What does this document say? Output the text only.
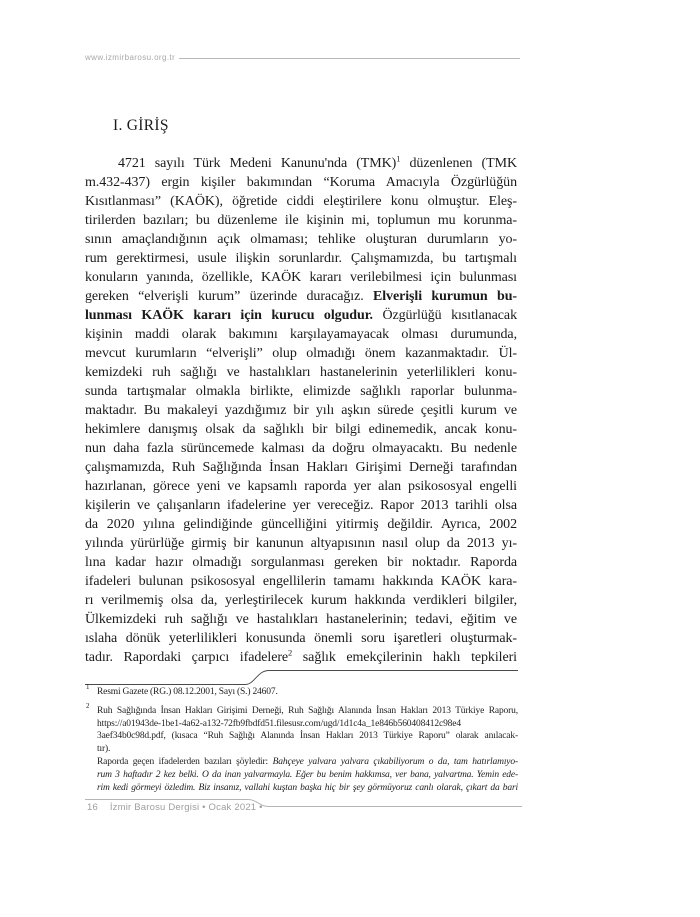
www.izmirbarosu.org.tr
I. GİRİŞ
4721 sayılı Türk Medeni Kanunu'nda (TMK)$^1$ düzenlenen (TMK
m.432-437) ergin kişiler bakımından “Koruma Amacıyla Özgürlüğün
Kısıtlanması” (KAÖK), öğretide ciddi eleştirilere konu olmuştur. Eleş-
tirilerden bazıları; bu düzenleme ile kişinin mi, toplumun mu korunma-
sının amaçlandığının açık olmaması; tehlike oluşturan durumların yo-
rum gerektirmesi, usule ilişkin sorunlardır. Çalışmamızda, bu tartışmalı
konuların yanında, özellikle, KAÖK kararı verilebilmesi için bulunması
gereken “elverişli kurum” üzerinde duracağız. Elverişli kurumun bu-
lunması KAÖK kararı için kurucu olgudur. Özgürlüğü kısıtlanacak
kişinin maddi olarak bakımını karşılayamayacak olması durumunda,
mevcut kurumların “elverişli” olup olmadığı önem kazanmaktadır. Ül-
kemizdeki ruh sağlığı ve hastalıkları hastanelerinin yeterlilikleri konu-
sunda tartışmalar olmakla birlikte, elimizde sağlıklı raporlar bulunma-
maktadır. Bu makaleyi yazdığımız bir yılı aşkın sürede çeşitli kurum ve
hekimlere danışmış olsak da sağlıklı bir bilgi edinemedik, ancak konu-
nun daha fazla sürüncemede kalması da doğru olmayacaktı. Bu nedenle
çalışmamızda, Ruh Sağlığında İnsan Hakları Girişimi Derneği tarafından
hazırlanan, görece yeni ve kapsamlı raporda yer alan psikososyal engelli
kişilerin ve çalışanların ifadelerine yer vereceğiz. Rapor 2013 tarihli olsa
da 2020 yılına gelindiğinde güncelliğini yitirmiş değildir. Ayrıca, 2002
yılında yürürlüğe girmiş bir kanunun altyapısının nasıl olup da 2013 yı-
lına kadar hazır olmadığı sorgulanması gereken bir noktadır. Raporda
ifadeleri bulunan psikososyal engellilerin tamamı hakkında KAÖK kara-
rı verilmemiş olsa da, yerleştirilecek kurum hakkında verdikleri bilgiler,
Ülkemizdeki ruh sağlığı ve hastalıkları hastanelerinin; tedavi, eğitim ve
ıslaha dönük yeterlilikleri konusunda önemli soru işaretleri oluşturmak-
tadır. Rapordaki çarpıcı ifadelere$^2$ sağlık emekçilerinin haklı tepkileri
1 Resmi Gazete (RG.) 08.12.2001, Sayı (S.) 24607.
2 Ruh Sağlığında İnsan Hakları Girişimi Derneği, Ruh Sağlığı Alanında İnsan Hakları 2013 Türkiye Raporu,
https://a01943de-1be1-4a62-a132-72fb9fbdfd51.filesusr.com/ugd/1d1c4a_1e846b560408412c98e4
3aef34b0c98d.pdf, (kısaca “Ruh Sağlığı Alanında İnsan Hakları 2013 Türkiye Raporu” olarak anılacak-
tır).
Raporda geçen ifadelerden bazıları şöyledir: Bahçeye yalvara yalvara çıkabiliyorum o da, tam hatırlamıyo-
rum 3 haftadır 2 kez belki. O da inan yalvarmayla. Eğer bu benim hakkımsa, ver bana, yalvartma. Yemin ede-
rim kedi görmeyi özledim. Biz insanız, vallahi kuştan başka hiç bir şey görmüyoruz canlı olarak, çıkart da bari
16 İzmir Barosu Dergisi • Ocak 2021 •
